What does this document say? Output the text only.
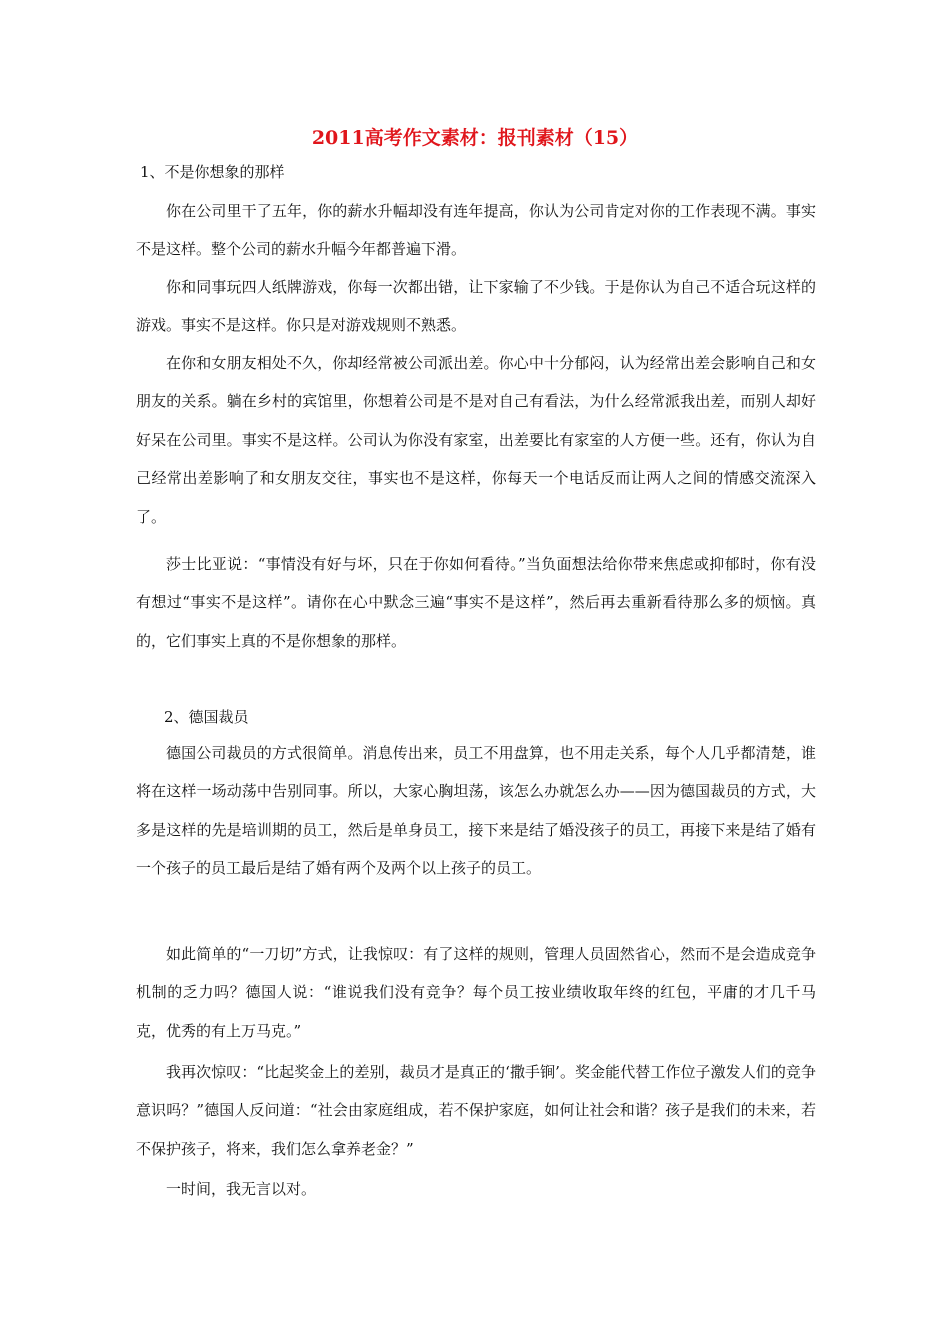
2011高考作文素材：报刊素材（15）
1、不是你想象的那样

你在公司里干了五年，你的薪水升幅却没有连年提高，你认为公司肯定对你的工作表现不满。事实不是这样。整个公司的薪水升幅今年都普遍下滑。

你和同事玩四人纸牌游戏，你每一次都出错，让下家输了不少钱。于是你认为自己不适合玩这样的游戏。事实不是这样。你只是对游戏规则不熟悉。

在你和女朋友相处不久，你却经常被公司派出差。你心中十分郁闷，认为经常出差会影响自己和女朋友的关系。躺在乡村的宾馆里，你想着公司是不是对自己有看法，为什么经常派我出差，而别人却好好呆在公司里。事实不是这样。公司认为你没有家室，出差要比有家室的人方便一些。还有，你认为自己经常出差影响了和女朋友交往，事实也不是这样，你每天一个电话反而让两人之间的情感交流深入了。

莎士比亚说：“事情没有好与坏，只在于你如何看待。”当负面想法给你带来焦虑或抑郁时，你有没有想过“事实不是这样”。请你在心中默念三遍“事实不是这样”，然后再去重新看待那么多的烦恼。真的，它们事实上真的不是你想象的那样。

2、德国裁员

德国公司裁员的方式很简单。消息传出来，员工不用盘算，也不用走关系，每个人几乎都清楚，谁将在这样一场动荡中告别同事。所以，大家心胸坦荡，该怎么办就怎么办——因为德国裁员的方式，大多是这样的先是培训期的员工，然后是单身员工，接下来是结了婚没孩子的员工，再接下来是结了婚有一个孩子的员工最后是结了婚有两个及两个以上孩子的员工。

如此简单的“一刀切”方式，让我惊叹：有了这样的规则，管理人员固然省心，然而不是会造成竞争机制的乏力吗？德国人说：“谁说我们没有竞争？每个员工按业绩收取年终的红包，平庸的才几千马克，优秀的有上万马克。”

我再次惊叹：“比起奖金上的差别，裁员才是真正的‘撒手锏’。奖金能代替工作位子激发人们的竞争意识吗？”德国人反问道：“社会由家庭组成，若不保护家庭，如何让社会和谐？孩子是我们的未来，若不保护孩子，将来，我们怎么拿养老金？”

一时间，我无言以对。
